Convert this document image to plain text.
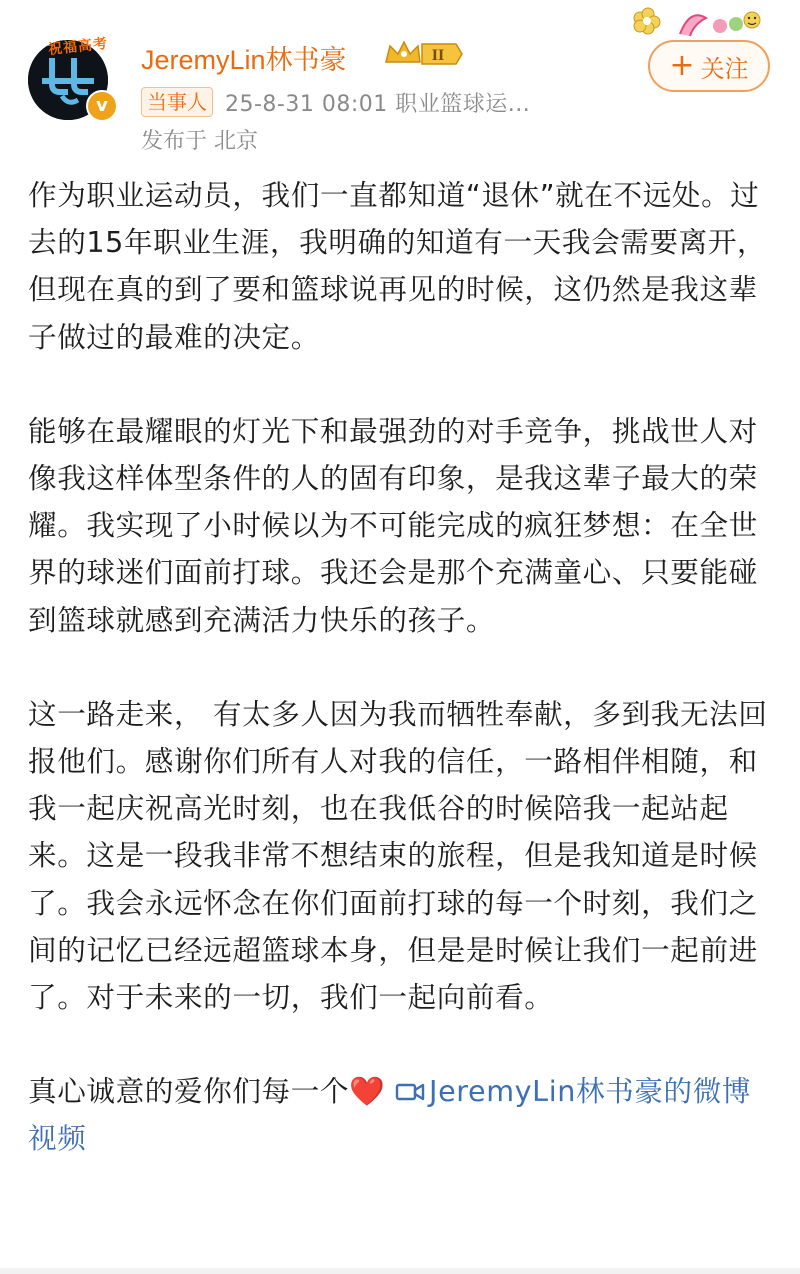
祝福高考
v
JeremyLin林书豪	II
当事人 25-8-31 08:01 职业篮球运...
发布于 北京
+ 关注

作为职业运动员，我们一直都知道“退休”就在不远处。过去的15年职业生涯，我明确的知道有一天我会需要离开，但现在真的到了要和篮球说再见的时候，这仍然是我这辈子做过的最难的决定。

能够在最耀眼的灯光下和最强劲的对手竞争，挑战世人对像我这样体型条件的人的固有印象，是我这辈子最大的荣耀。我实现了小时候以为不可能完成的疯狂梦想：在全世界的球迷们面前打球。我还会是那个充满童心、只要能碰到篮球就感到充满活力快乐的孩子。

这一路走来， 有太多人因为我而牺牲奉献，多到我无法回报他们。感谢你们所有人对我的信任，一路相伴相随，和我一起庆祝高光时刻，也在我低谷的时候陪我一起站起来。这是一段我非常不想结束的旅程，但是我知道是时候了。我会永远怀念在你们面前打球的每一个时刻，我们之间的记忆已经远超篮球本身，但是是时候让我们一起前进了。对于未来的一切，我们一起向前看。

真心诚意的爱你们每一个❤️ JeremyLin林书豪的微博视频
